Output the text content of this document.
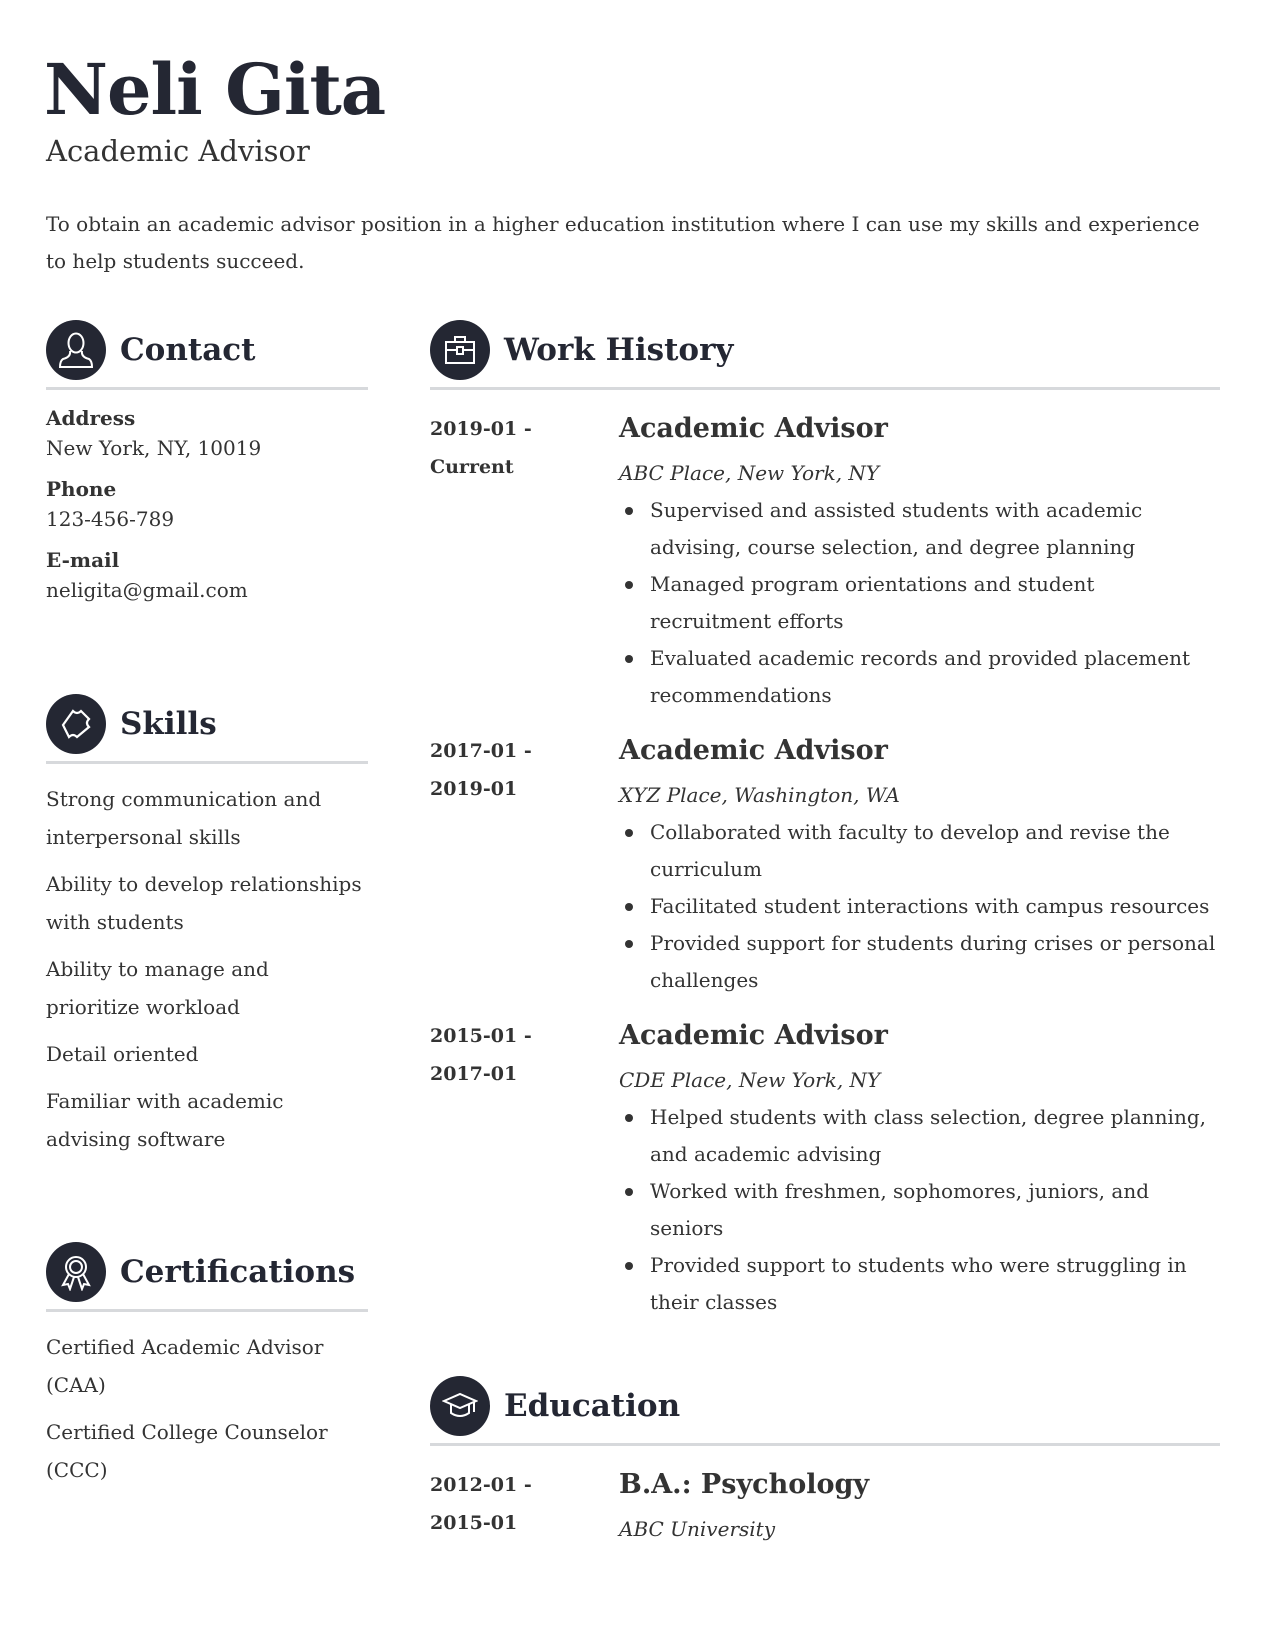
Neli Gita
Academic Advisor
To obtain an academic advisor position in a higher education institution where I can use my skills and experience to help students succeed.
Contact
Address
New York, NY, 10019
Phone
123-456-789
E-mail
neligita@gmail.com
Skills
Strong communication and interpersonal skills
Ability to develop relationships with students
Ability to manage and prioritize workload
Detail oriented
Familiar with academic advising software
Certifications
Certified Academic Advisor (CAA)
Certified College Counselor (CCC)
Work History
2019-01 -
Current
Academic Advisor
ABC Place, New York, NY
Supervised and assisted students with academic advising, course selection, and degree planning
Managed program orientations and student recruitment efforts
Evaluated academic records and provided placement recommendations
2017-01 -
2019-01
Academic Advisor
XYZ Place, Washington, WA
Collaborated with faculty to develop and revise the curriculum
Facilitated student interactions with campus resources
Provided support for students during crises or personal challenges
2015-01 -
2017-01
Academic Advisor
CDE Place, New York, NY
Helped students with class selection, degree planning, and academic advising
Worked with freshmen, sophomores, juniors, and seniors
Provided support to students who were struggling in their classes
Education
2012-01 -
2015-01
B.A.: Psychology
ABC University
